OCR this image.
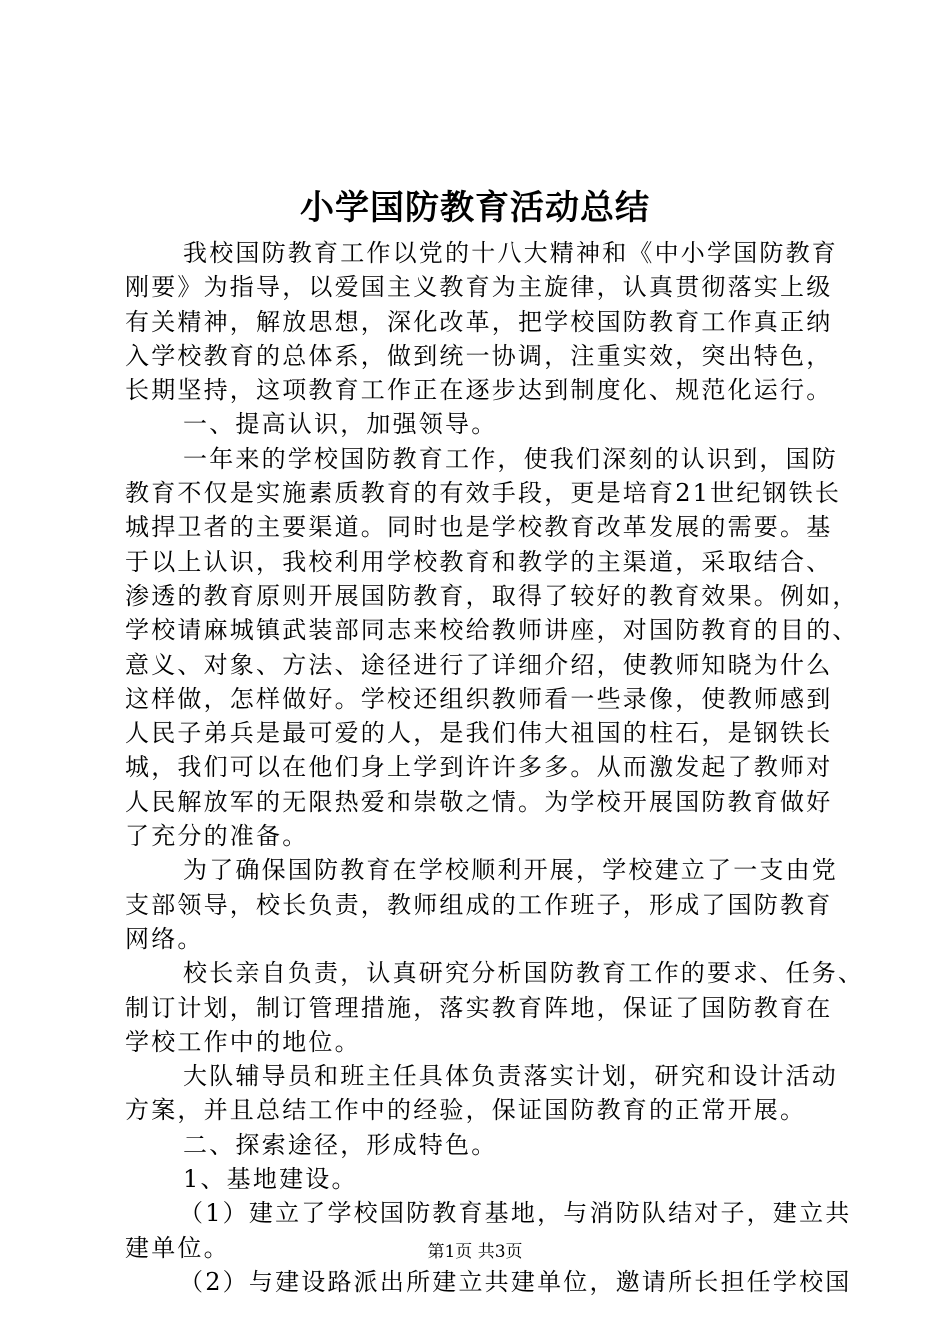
小学国防教育活动总结
我校国防教育工作以党的十八大精神和《中小学国防教育
刚要》为指导，以爱国主义教育为主旋律，认真贯彻落实上级
有关精神，解放思想，深化改革，把学校国防教育工作真正纳
入学校教育的总体系，做到统一协调，注重实效，突出特色，
长期坚持，这项教育工作正在逐步达到制度化、规范化运行。
一、提高认识，加强领导。
一年来的学校国防教育工作，使我们深刻的认识到，国防
教育不仅是实施素质教育的有效手段，更是培育21世纪钢铁长
城捍卫者的主要渠道。同时也是学校教育改革发展的需要。基
于以上认识，我校利用学校教育和教学的主渠道，采取结合、
渗透的教育原则开展国防教育，取得了较好的教育效果。例如，
学校请麻城镇武装部同志来校给教师讲座，对国防教育的目的、
意义、对象、方法、途径进行了详细介绍，使教师知晓为什么
这样做，怎样做好。学校还组织教师看一些录像，使教师感到
人民子弟兵是最可爱的人，是我们伟大祖国的柱石，是钢铁长
城，我们可以在他们身上学到许许多多。从而激发起了教师对
人民解放军的无限热爱和崇敬之情。为学校开展国防教育做好
了充分的准备。
为了确保国防教育在学校顺利开展，学校建立了一支由党
支部领导，校长负责，教师组成的工作班子，形成了国防教育
网络。
校长亲自负责，认真研究分析国防教育工作的要求、任务、
制订计划，制订管理措施，落实教育阵地，保证了国防教育在
学校工作中的地位。
大队辅导员和班主任具体负责落实计划，研究和设计活动
方案，并且总结工作中的经验，保证国防教育的正常开展。
二、探索途径，形成特色。
1、基地建设。
（1）建立了学校国防教育基地，与消防队结对子，建立共
建单位。
（2）与建设路派出所建立共建单位，邀请所长担任学校国
第1页 共3页
